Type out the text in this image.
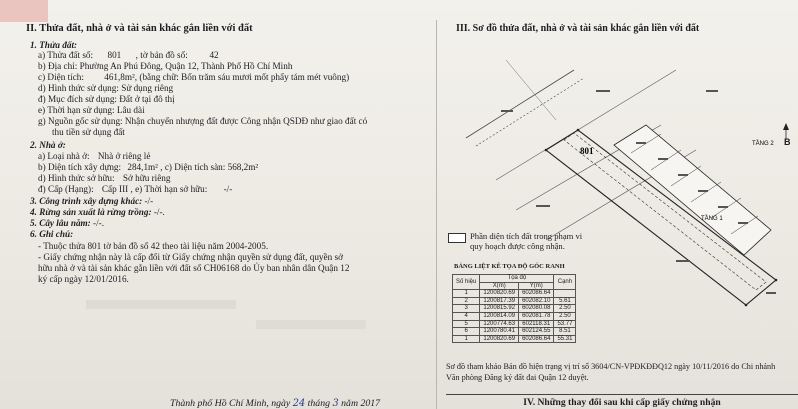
II. Thửa đất, nhà ở và tài sản khác gắn liền với đất
1. Thửa đất:
a) Thửa đất số: 801 , tờ bản đồ số: 42
b) Địa chỉ: Phường An Phú Đông, Quận 12, Thành Phố Hồ Chí Minh
c) Diện tích: 461,8m², (bằng chữ: Bốn trăm sáu mươi mốt phẩy tám mét vuông)
d) Hình thức sử dụng: Sử dụng riêng
đ) Mục đích sử dụng: Đất ở tại đô thị
e) Thời hạn sử dụng: Lâu dài
g) Nguồn gốc sử dụng: Nhận chuyển nhượng đất được Công nhận QSDĐ như giao đất có
thu tiền sử dụng đất
2. Nhà ở:
a) Loại nhà ở: Nhà ở riêng lẻ
b) Diện tích xây dựng: 284,1m² , c) Diện tích sàn: 568,2m²
d) Hình thức sở hữu: Sở hữu riêng
đ) Cấp (Hạng): Cấp III , e) Thời hạn sở hữu: -/-
3. Công trình xây dựng khác: -/-
4. Rừng sản xuất là rừng trồng: -/-.
5. Cây lâu năm: -/-.
6. Ghi chú:
- Thuộc thửa 801 tờ bản đồ số 42 theo tài liệu năm 2004-2005.
- Giấy chứng nhận này là cấp đổi từ Giấy chứng nhận quyền sử dụng đất, quyền sở
hữu nhà ở và tài sản khác gắn liền với đất số CH06168 do Ủy ban nhân dân Quận 12
ký cấp ngày 12/01/2016.
Thành phố Hồ Chí Minh, ngày 24 tháng 3 năm 2017
III. Sơ đồ thửa đất, nhà ở và tài sản khác gắn liền với đất
TẦNG 1
TẦNG 2
801
B
Phần diện tích đất trong phạm vi
quy hoạch được công nhận.
BẢNG LIỆT KÊ TỌA ĐỘ GÓC RANH
Số hiệu	Tọa độ		Cạnh
	X(m)	Y(m)	
1	1200820.69	602086.64	
2	1200817.39	602082.10	5.61
3	1200815.92	602080.08	2.50
4	1200814.09	602081.78	2.50
5	1200774.63	602118.31	53.77
6	1200780.41	602124.55	8.51
1	1200820.69	602086.64	55.31
Sơ đồ tham khảo Bản đồ hiện trạng vị trí số 3604/CN-VPĐKĐĐQ12 ngày 10/11/2016 do Chi nhánh
Văn phòng Đăng ký đất đai Quận 12 duyệt.
IV. Những thay đổi sau khi cấp giấy chứng nhận
